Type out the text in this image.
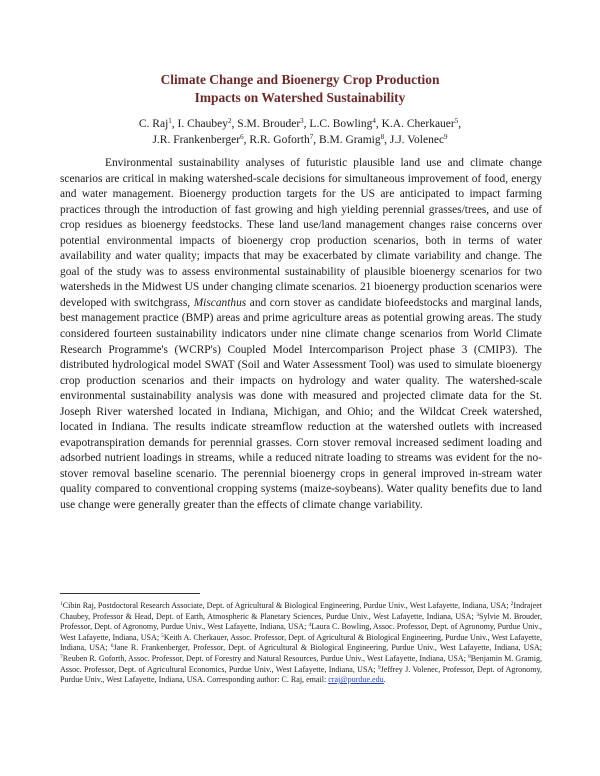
Climate Change and Bioenergy Crop Production
Impacts on Watershed Sustainability
C. Raj$^1$, I. Chaubey$^2$, S.M. Brouder$^3$, L.C. Bowling$^4$, K.A. Cherkauer$^5$,
J.R. Frankenberger$^6$, R.R. Goforth$^7$, B.M. Gramig$^8$, J.J. Volenec$^9$

Environmental sustainability analyses of futuristic plausible land use and climate change scenarios are critical in making watershed-scale decisions for simultaneous improvement of food, energy and water management. Bioenergy production targets for the US are anticipated to impact farming practices through the introduction of fast growing and high yielding perennial grasses/trees, and use of crop residues as bioenergy feedstocks. These land use/land management changes raise concerns over potential environmental impacts of bioenergy crop production scenarios, both in terms of water availability and water quality; impacts that may be exacerbated by climate variability and change. The goal of the study was to assess environmental sustainability of plausible bioenergy scenarios for two watersheds in the Midwest US under changing climate scenarios. 21 bioenergy production scenarios were developed with switchgrass, Miscanthus and corn stover as candidate biofeedstocks and marginal lands, best management practice (BMP) areas and prime agriculture areas as potential growing areas. The study considered fourteen sustainability indicators under nine climate change scenarios from World Climate Research Programme's (WCRP's) Coupled Model Intercomparison Project phase 3 (CMIP3). The distributed hydrological model SWAT (Soil and Water Assessment Tool) was used to simulate bioenergy crop production scenarios and their impacts on hydrology and water quality. The watershed-scale environmental sustainability analysis was done with measured and projected climate data for the St. Joseph River watershed located in Indiana, Michigan, and Ohio; and the Wildcat Creek watershed, located in Indiana. The results indicate streamflow reduction at the watershed outlets with increased evapotranspiration demands for perennial grasses. Corn stover removal increased sediment loading and adsorbed nutrient loadings in streams, while a reduced nitrate loading to streams was evident for the no-stover removal baseline scenario. The perennial bioenergy crops in general improved in-stream water quality compared to conventional cropping systems (maize-soybeans). Water quality benefits due to land use change were generally greater than the effects of climate change variability.

$^1$Cibin Raj, Postdoctoral Research Associate, Dept. of Agricultural & Biological Engineering, Purdue Univ., West Lafayette, Indiana, USA; $^2$Indrajeet Chaubey, Professor & Head, Dept. of Earth, Atmospheric & Planetary Sciences, Purdue Univ., West Lafayette, Indiana, USA; $^3$Sylvie M. Brouder, Professor, Dept. of Agronomy, Purdue Univ., West Lafayette, Indiana, USA; $^4$Laura C. Bowling, Assoc. Professor, Dept. of Agronomy, Purdue Univ., West Lafayette, Indiana, USA; $^5$Keith A. Cherkauer, Assoc. Professor, Dept. of Agricultural & Biological Engineering, Purdue Univ., West Lafayette, Indiana, USA; $^6$Jane R. Frankenberger, Professor, Dept. of Agricultural & Biological Engineering, Purdue Univ., West Lafayette, Indiana, USA; $^7$Reuben R. Goforth, Assoc. Professor, Dept. of Forestry and Natural Resources, Purdue Univ., West Lafayette, Indiana, USA; $^8$Benjamin M. Gramig, Assoc. Professor, Dept. of Agricultural Economics, Purdue Univ., West Lafayette, Indiana, USA; $^9$Jeffrey J. Volenec, Professor, Dept. of Agronomy, Purdue Univ., West Lafayette, Indiana, USA. Corresponding author: C. Raj, email: craj@purdue.edu.
